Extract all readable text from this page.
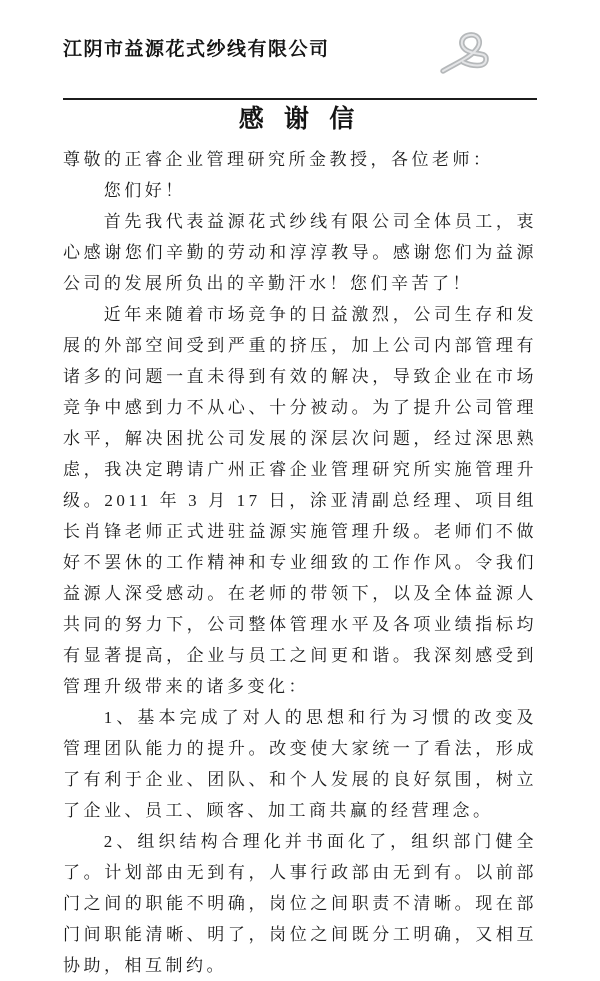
江阴市益源花式纱线有限公司
感 谢 信

尊敬的正睿企业管理研究所金教授，各位老师：

您们好！

首先我代表益源花式纱线有限公司全体员工，衷心感谢您们辛勤的劳动和淳淳教导。感谢您们为益源公司的发展所负出的辛勤汗水！您们辛苦了！

近年来随着市场竞争的日益激烈，公司生存和发展的外部空间受到严重的挤压，加上公司内部管理有诸多的问题一直未得到有效的解决，导致企业在市场竞争中感到力不从心、十分被动。为了提升公司管理水平，解决困扰公司发展的深层次问题，经过深思熟虑，我决定聘请广州正睿企业管理研究所实施管理升级。2011 年 3 月 17 日，涂亚清副总经理、项目组长肖锋老师正式进驻益源实施管理升级。老师们不做好不罢休的工作精神和专业细致的工作作风。令我们益源人深受感动。在老师的带领下，以及全体益源人共同的努力下，公司整体管理水平及各项业绩指标均有显著提高，企业与员工之间更和谐。我深刻感受到管理升级带来的诸多变化：

1、基本完成了对人的思想和行为习惯的改变及管理团队能力的提升。改变使大家统一了看法，形成了有利于企业、团队、和个人发展的良好氛围，树立了企业、员工、顾客、加工商共赢的经营理念。

2、组织结构合理化并书面化了，组织部门健全了。计划部由无到有，人事行政部由无到有。以前部门之间的职能不明确，岗位之间职责不清晰。现在部门间职能清晰、明了，岗位之间既分工明确，又相互协助，相互制约。
